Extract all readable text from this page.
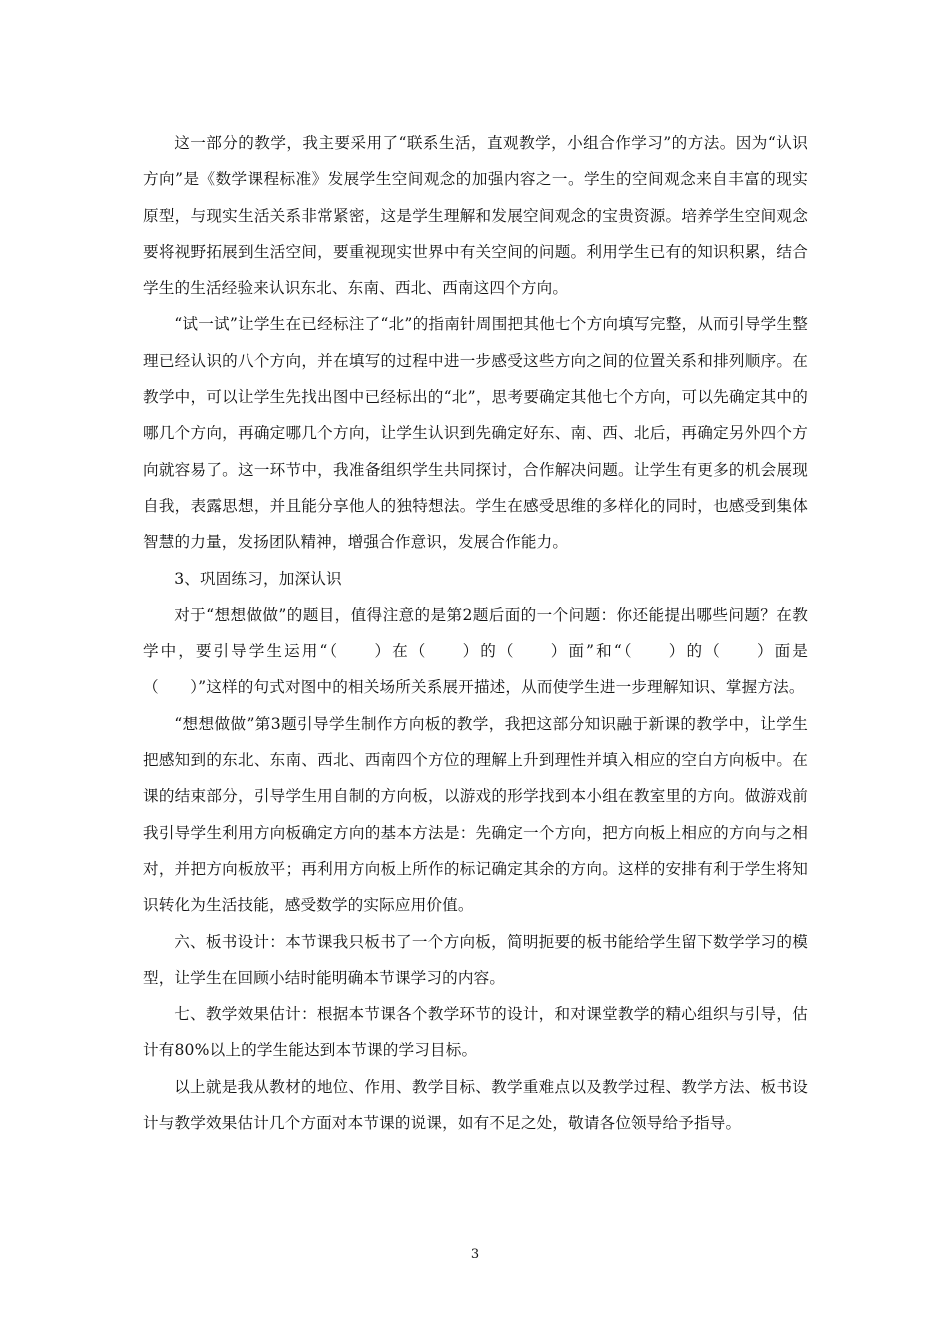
这一部分的教学，我主要采用了“联系生活，直观教学，小组合作学习”的方法。因为“认识方向”是《数学课程标准》发展学生空间观念的加强内容之一。学生的空间观念来自丰富的现实原型，与现实生活关系非常紧密，这是学生理解和发展空间观念的宝贵资源。培养学生空间观念要将视野拓展到生活空间，要重视现实世界中有关空间的问题。利用学生已有的知识积累，结合学生的生活经验来认识东北、东南、西北、西南这四个方向。

“试一试”让学生在已经标注了“北”的指南针周围把其他七个方向填写完整，从而引导学生整理已经认识的八个方向，并在填写的过程中进一步感受这些方向之间的位置关系和排列顺序。在教学中，可以让学生先找出图中已经标出的“北”，思考要确定其他七个方向，可以先确定其中的哪几个方向，再确定哪几个方向，让学生认识到先确定好东、南、西、北后，再确定另外四个方向就容易了。这一环节中，我准备组织学生共同探讨，合作解决问题。让学生有更多的机会展现自我，表露思想，并且能分享他人的独特想法。学生在感受思维的多样化的同时，也感受到集体智慧的力量，发扬团队精神，增强合作意识，发展合作能力。

3、巩固练习，加深认识

对于“想想做做”的题目，值得注意的是第2题后面的一个问题：你还能提出哪些问题？在教学中，要引导学生运用“（　　）在（　　）的（　　）面”和“（　　）的（　　）面是（　　）”这样的句式对图中的相关场所关系展开描述，从而使学生进一步理解知识、掌握方法。

“想想做做”第3题引导学生制作方向板的教学，我把这部分知识融于新课的教学中，让学生把感知到的东北、东南、西北、西南四个方位的理解上升到理性并填入相应的空白方向板中。在课的结束部分，引导学生用自制的方向板，以游戏的形学找到本小组在教室里的方向。做游戏前我引导学生利用方向板确定方向的基本方法是：先确定一个方向，把方向板上相应的方向与之相对，并把方向板放平；再利用方向板上所作的标记确定其余的方向。这样的安排有利于学生将知识转化为生活技能，感受数学的实际应用价值。

六、板书设计：本节课我只板书了一个方向板，简明扼要的板书能给学生留下数学学习的模型，让学生在回顾小结时能明确本节课学习的内容。

七、教学效果估计：根据本节课各个教学环节的设计，和对课堂教学的精心组织与引导，估计有80%以上的学生能达到本节课的学习目标。

以上就是我从教材的地位、作用、教学目标、教学重难点以及教学过程、教学方法、板书设计与教学效果估计几个方面对本节课的说课，如有不足之处，敬请各位领导给予指导。

3
